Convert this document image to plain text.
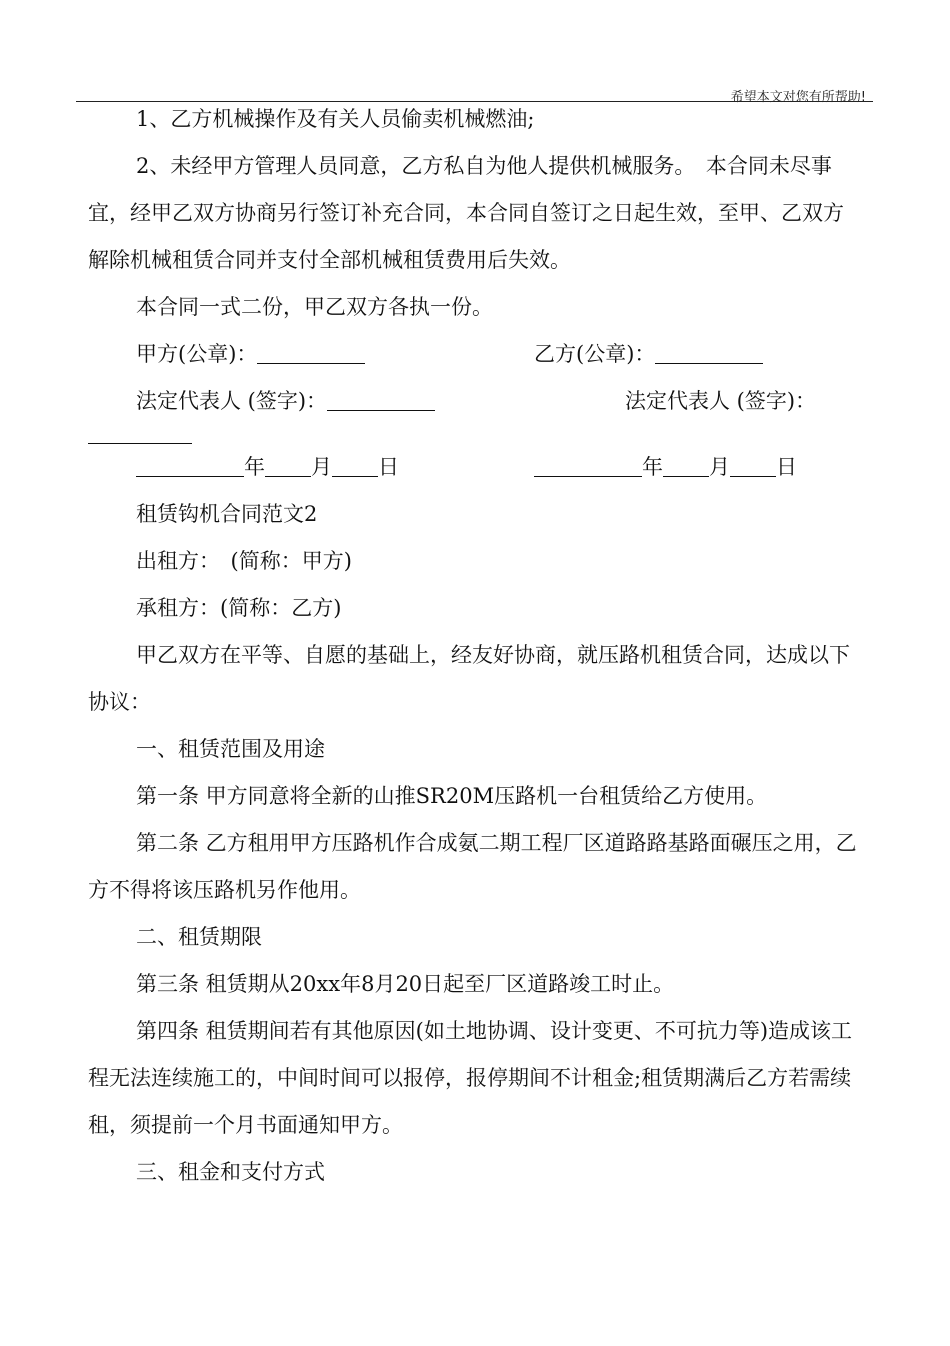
希望本文对您有所帮助!

1、乙方机械操作及有关人员偷卖机械燃油;

2、未经甲方管理人员同意，乙方私自为他人提供机械服务。　本合同未尽事宜，经甲乙双方协商另行签订补充合同，本合同自签订之日起生效，至甲、乙双方解除机械租赁合同并支付全部机械租赁费用后失效。

本合同一式二份，甲乙双方各执一份。

甲方(公章)：	乙方(公章)：
法定代表人 (签字)：	法定代表人 (签字)：
年 月 日	年 月 日

租赁钩机合同范文2

出租方：　(简称：甲方)

承租方：(简称：乙方)

甲乙双方在平等、自愿的基础上，经友好协商，就压路机租赁合同，达成以下协议：

一、租赁范围及用途

第一条 甲方同意将全新的山推SR20M压路机一台租赁给乙方使用。

第二条 乙方租用甲方压路机作合成氨二期工程厂区道路路基路面碾压之用，乙方不得将该压路机另作他用。

二、租赁期限

第三条 租赁期从20xx年8月20日起至厂区道路竣工时止。

第四条 租赁期间若有其他原因(如土地协调、设计变更、不可抗力等)造成该工程无法连续施工的，中间时间可以报停，报停期间不计租金;租赁期满后乙方若需续租，须提前一个月书面通知甲方。

三、租金和支付方式
